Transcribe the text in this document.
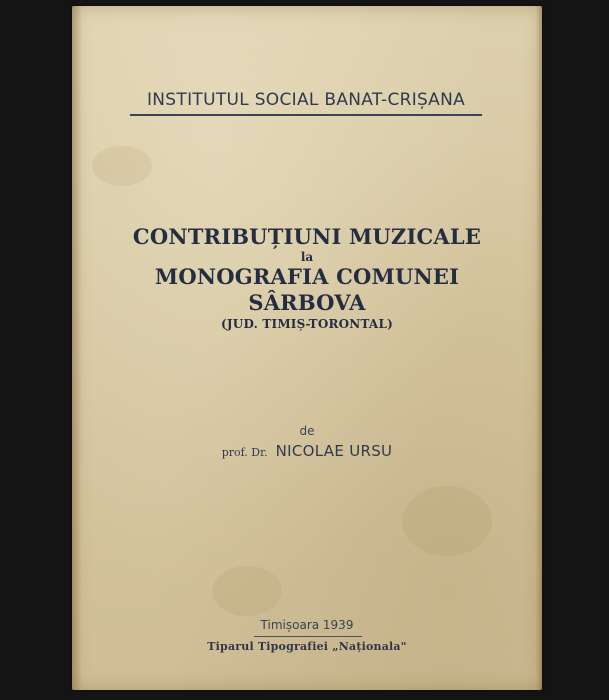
INSTITUTUL SOCIAL BANAT-CRIȘANA
CONTRIBUȚIUNI MUZICALE
la
MONOGRAFIA COMUNEI
SÂRBOVA
(JUD. TIMIȘ-TORONTAL)
de
prof. Dr. NICOLAE URSU
Timișoara 1939
Tiparul Tipografiei „Naționala"
